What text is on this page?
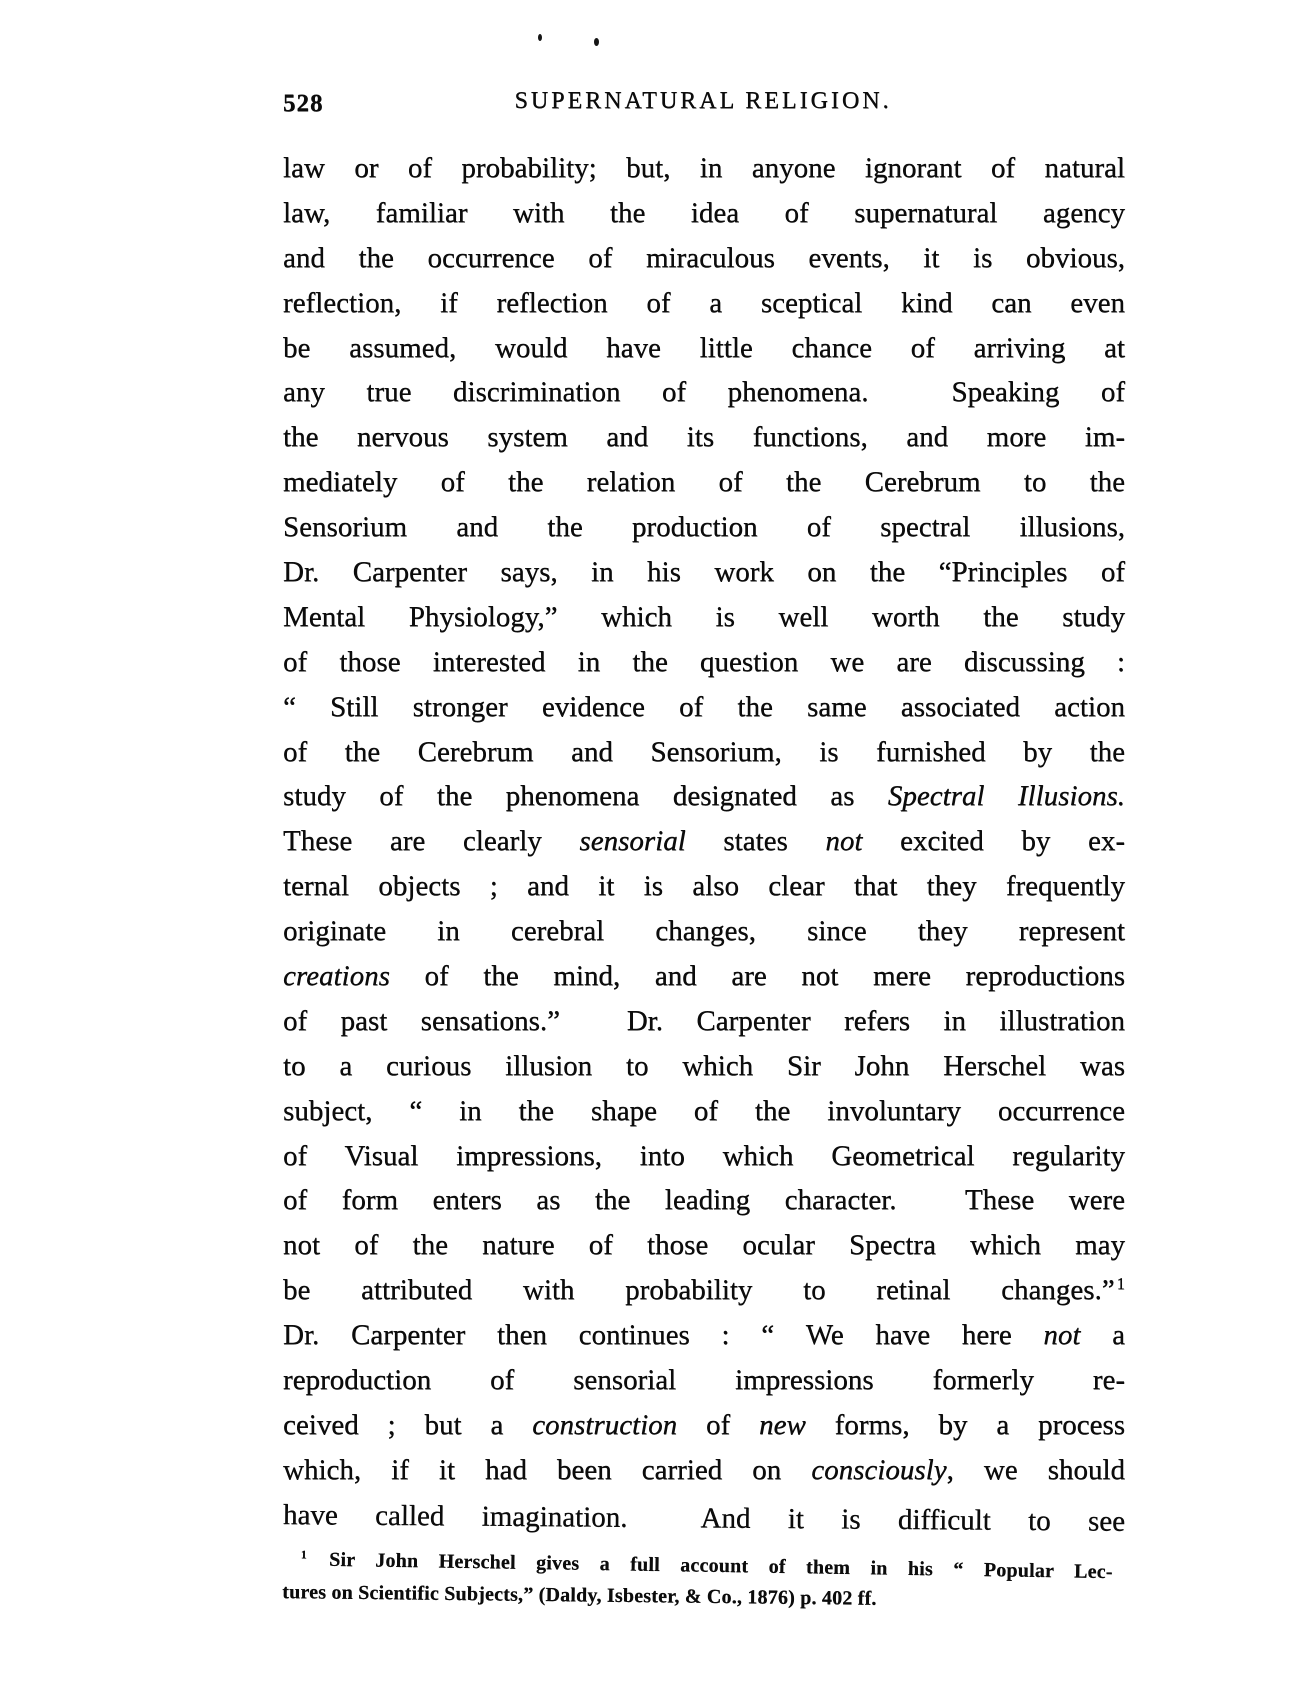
528	SUPERNATURAL RELIGION.
law or of probability; but, in anyone ignorant of natural
law, familiar with the idea of supernatural agency
and the occurrence of miraculous events, it is obvious,
reflection, if reflection of a sceptical kind can even
be assumed, would have little chance of arriving at
any true discrimination of phenomena.  Speaking of
the nervous system and its functions, and more im-
mediately of the relation of the Cerebrum to the
Sensorium and the production of spectral illusions,
Dr. Carpenter says, in his work on the “Principles of
Mental Physiology,” which is well worth the study
of those interested in the question we are discussing :
“ Still stronger evidence of the same associated action
of the Cerebrum and Sensorium, is furnished by the
study of the phenomena designated as Spectral Illusions.
These are clearly sensorial states not excited by ex-
ternal objects ; and it is also clear that they frequently
originate in cerebral changes, since they represent
creations of the mind, and are not mere reproductions
of past sensations.”  Dr. Carpenter refers in illustration
to a curious illusion to which Sir John Herschel was
subject, “ in the shape of the involuntary occurrence
of Visual impressions, into which Geometrical regularity
of form enters as the leading character.  These were
not of the nature of those ocular Spectra which may
be attributed with probability to retinal changes.” $^1$
Dr. Carpenter then continues : “ We have here not a
reproduction of sensorial impressions formerly re-
ceived ; but a construction of new forms, by a process
which, if it had been carried on consciously, we should
have called imagination.  And it is difficult to see
$^1$ Sir John Herschel gives a full account of them in his “ Popular Lec-
tures on Scientific Subjects,” (Daldy, Isbester, & Co., 1876) p. 402 ff.
